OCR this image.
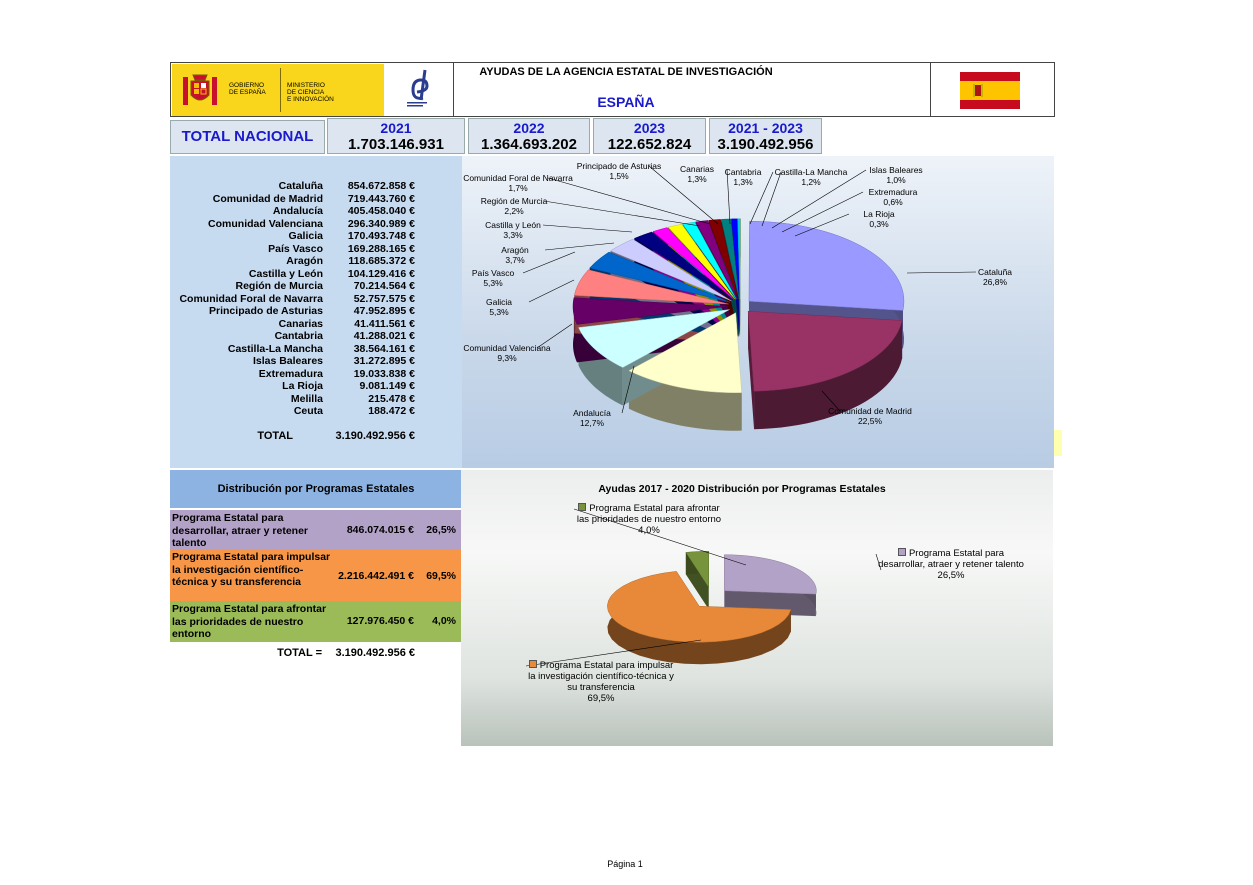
GOBIERNO
DE ESPAÑA
MINISTERIO
DE CIENCIA
E INNOVACIÓN
AYUDAS DE LA AGENCIA ESTATAL DE INVESTIGACIÓN
ESPAÑA
TOTAL NACIONAL	2021
1.703.146.931
2022
1.364.693.202
2023
122.652.824
2021 - 2023
3.190.492.956
Cataluña 854.672.858 €
Comunidad de Madrid 719.443.760 €
Andalucía 405.458.040 €
Comunidad Valenciana 296.340.989 €
Galicia 170.493.748 €
País Vasco 169.288.165 €
Aragón 118.685.372 €
Castilla y León 104.129.416 €
Región de Murcia	70.214.564 €
Comunidad Foral de Navarra	52.757.575 €
Principado de Asturias	47.952.895 €
Canarias	41.411.561 €
Cantabria	41.288.021 €
Castilla-La Mancha	38.564.161 €
Islas Baleares	31.272.895 €
Extremadura	19.033.838 €
La Rioja	9.081.149 €
Melilla	215.478 €
Ceuta	188.472 €
TOTAL	3.190.492.956 €
Cataluña
26,8%
Comunidad de Madrid
22,5%
Andalucía
12,7%
Comunidad Valenciana
9,3%
Galicia
5,3%
País Vasco
5,3%
Aragón
3,7%
Castilla y León
3,3%
Región de Murcia
2,2%
Comunidad Foral de Navarra
1,7%
Principado de Asturias
1,5%
Canarias
1,3%
Cantabria
1,3%
Castilla-La Mancha
1,2%
Islas Baleares
1,0%
Extremadura
0,6%
La Rioja
0,3%
Distribución por Programas Estatales
Programa Estatal para desarrollar, atraer y retener talento
846.074.015 € 26,5%
Programa Estatal para impulsar la investigación científico-técnica y su transferencia	2.216.442.491 € 69,5%
Programa Estatal para afrontar las prioridades de nuestro entorno
127.976.450 € 4,0%
TOTAL = 3.190.492.956 €
Ayudas 2017 - 2020 Distribución por Programas Estatales
Programa Estatal para desarrollar, atraer y retener talento
26,5%
Programa Estatal para impulsar la investigación científico-técnica y su transferencia
69,5%
Programa Estatal para afrontar las prioridades de nuestro entorno
4,0%
Página 1
